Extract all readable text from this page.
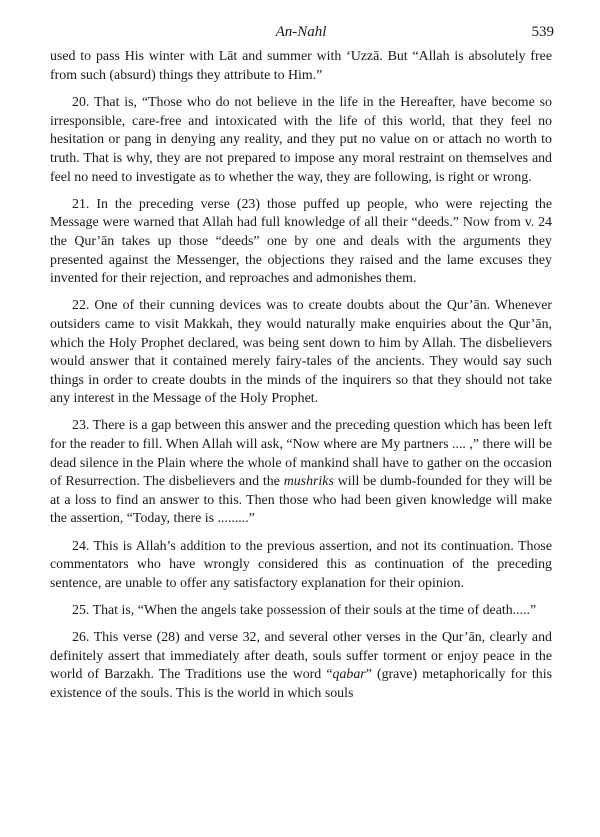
An-Nahl	539

used to pass His winter with Lāt and summer with ‘Uzzā. But “Allah is absolutely free from such (absurd) things they attribute to Him.”

20. That is, “Those who do not believe in the life in the Hereafter, have become so irresponsible, care-free and intoxicated with the life of this world, that they feel no hesitation or pang in denying any reality, and they put no value on or attach no worth to truth. That is why, they are not prepared to impose any moral restraint on themselves and feel no need to investigate as to whether the way, they are following, is right or wrong.

21. In the preceding verse (23) those puffed up people, who were rejecting the Message were warned that Allah had full knowledge of all their “deeds.” Now from v. 24 the Qur’ān takes up those “deeds” one by one and deals with the arguments they presented against the Messenger, the objections they raised and the lame excuses they invented for their rejection, and reproaches and admonishes them.

22. One of their cunning devices was to create doubts about the Qur’ān. Whenever outsiders came to visit Makkah, they would naturally make enquiries about the Qur’ān, which the Holy Prophet declared, was being sent down to him by Allah. The disbelievers would answer that it contained merely fairy-tales of the ancients. They would say such things in order to create doubts in the minds of the inquirers so that they should not take any interest in the Message of the Holy Prophet.

23. There is a gap between this answer and the preceding question which has been left for the reader to fill. When Allah will ask, “Now where are My partners .... ,” there will be dead silence in the Plain where the whole of mankind shall have to gather on the occasion of Resurrection. The disbelievers and the mushriks will be dumb-founded for they will be at a loss to find an answer to this. Then those who had been given knowledge will make the assertion, “Today, there is .........”

24. This is Allah’s addition to the previous assertion, and not its continuation. Those commentators who have wrongly considered this as continuation of the preceding sentence, are unable to offer any satisfactory explanation for their opinion.

25. That is, “When the angels take possession of their souls at the time of death.....”

26. This verse (28) and verse 32, and several other verses in the Qur’ān, clearly and definitely assert that immediately after death, souls suffer torment or enjoy peace in the world of Barzakh. The Traditions use the word “qabar” (grave) metaphorically for this existence of the souls. This is the world in which souls
